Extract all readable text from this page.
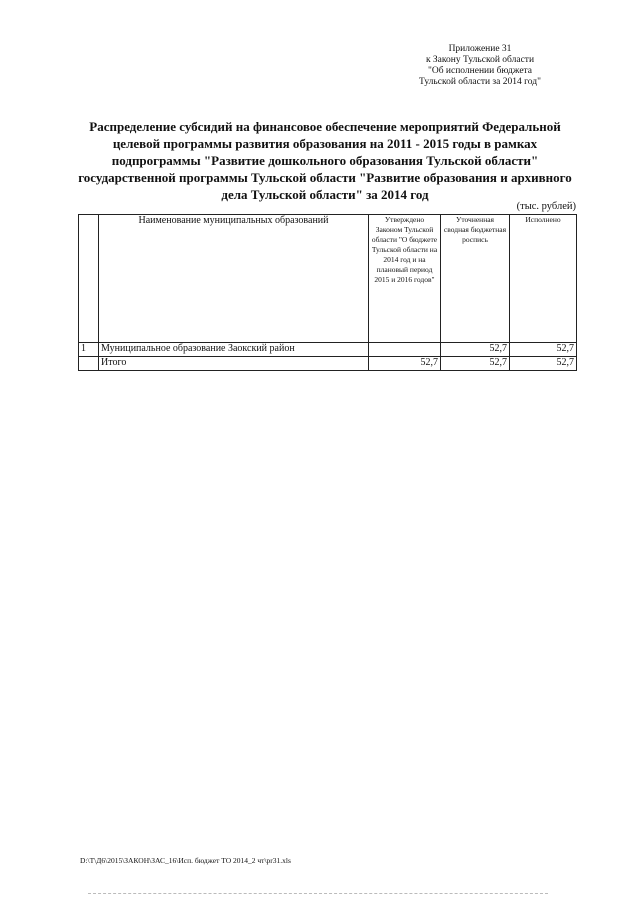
Приложение 31
к Закону Тульской области
"Об исполнении бюджета
Тульской области за 2014 год"
Распределение субсидий на финансовое обеспечение мероприятий Федеральной
целевой программы развития образования на 2011 - 2015 годы в рамках
подпрограммы "Развитие дошкольного образования Тульской области"
государственной программы Тульской области "Развитие образования и архивного
дела Тульской области" за 2014 год
(тыс. рублей)
	Наименование муниципальных образований	Утверждено Законом Тульской области "О бюджете Тульской области на 2014 год и на плановый период 2015 и 2016 годов"	Уточненная сводная бюджетная роспись	Исполнено
1	Муниципальное образование Заокский район		52,7	52,7
	Итого	52,7	52,7	52,7
D:\Т\Д6\2015\ЗАКОН\ЗАС_16\Исп. бюджет ТО 2014_2 чт\pr31.xls
